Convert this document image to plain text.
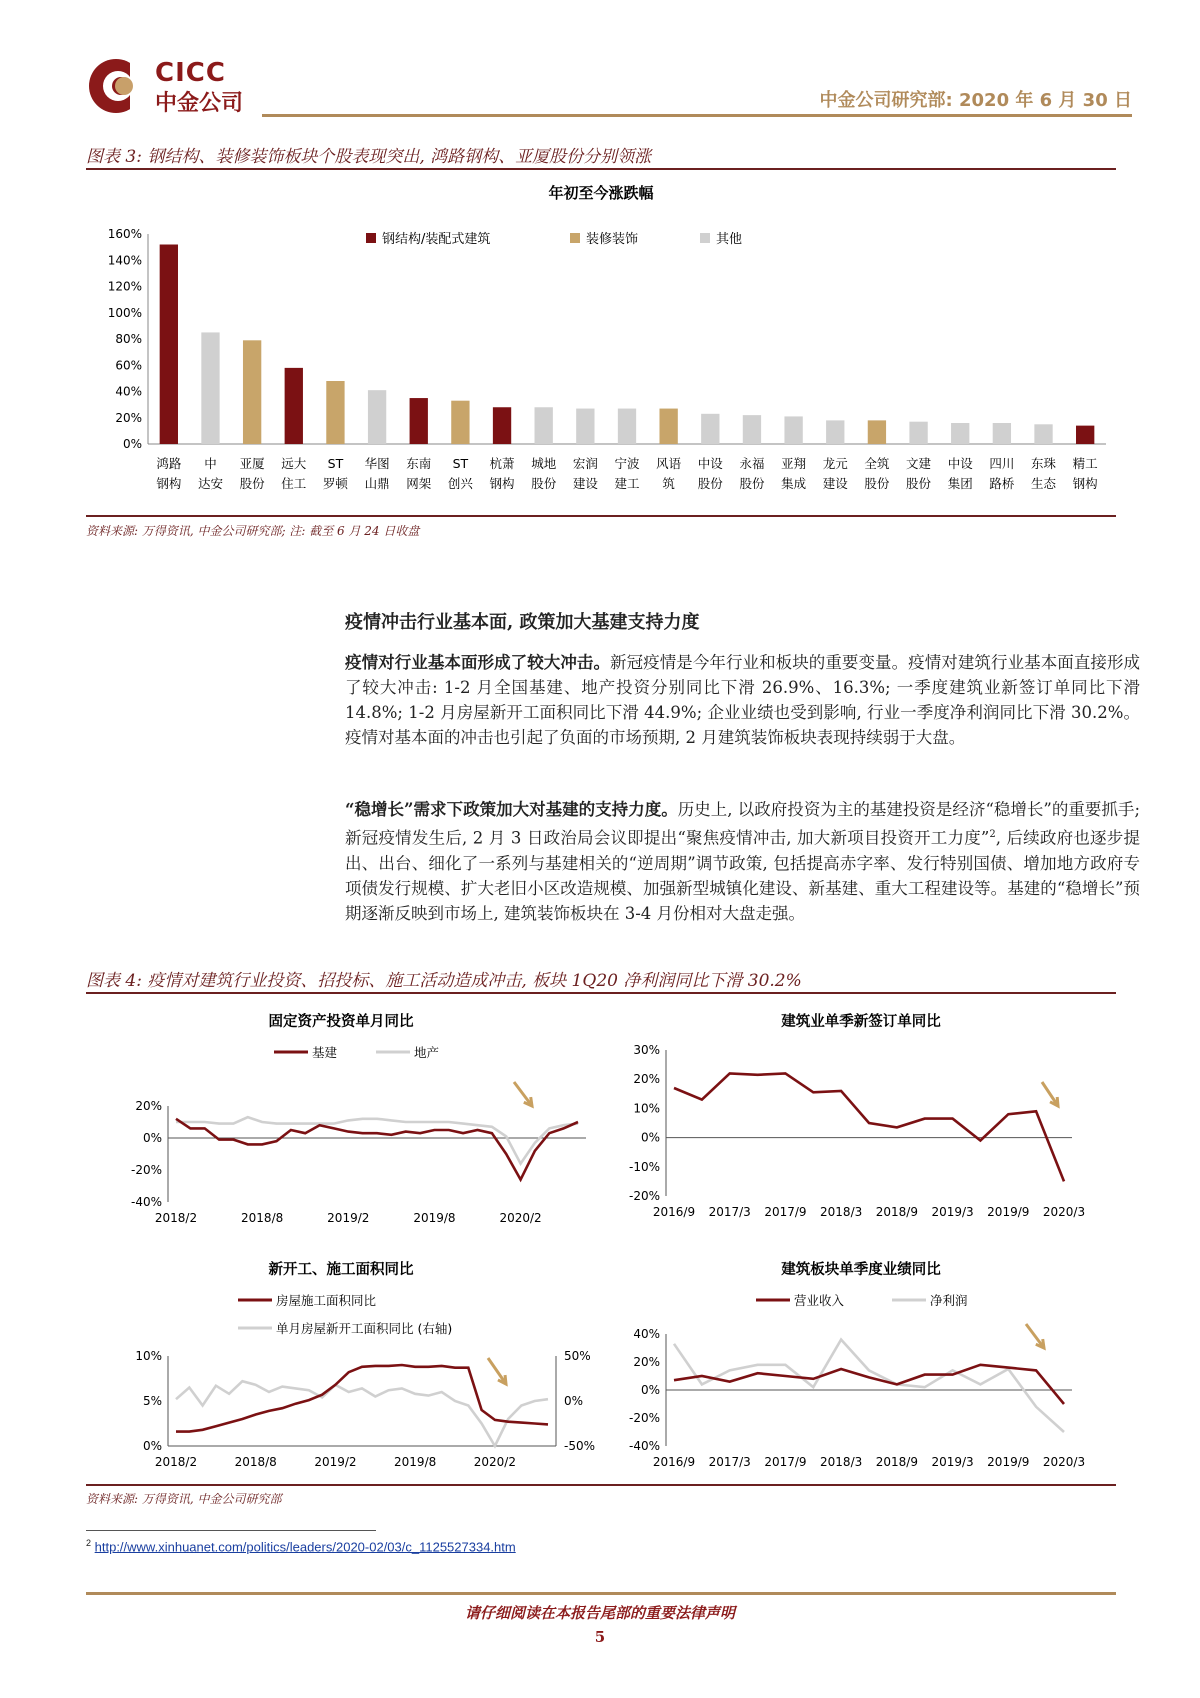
CICC
中金公司	中金公司研究部: 2020 年 6 月 30 日
图表 3: 钢结构、装修装饰板块个股表现突出, 鸿路钢构、亚厦股份分别领涨
年初至今涨跌幅
0%
20%
40%
60%
80%
100%
120%
140%
160%
鸿路
钢构
中
达安
亚厦
股份
远大
住工
ST
罗顿
华图
山鼎
东南
网架
ST
创兴
杭萧
钢构
城地
股份
宏润
建设
宁波
建工
风语
筑
中设
股份
永福
股份
亚翔
集成
龙元
建设
全筑
股份
文建
股份
中设
集团
四川
路桥
东珠
生态
精工
钢构
钢结构/装配式建筑	装修装饰	其他
资料来源: 万得资讯, 中金公司研究部; 注: 截至 6 月 24 日收盘
疫情冲击行业基本面, 政策加大基建支持力度
疫情对行业基本面形成了较大冲击。新冠疫情是今年行业和板块的重要变量。疫情对建筑行业基本面直接形成了较大冲击: 1-2 月全国基建、地产投资分别同比下滑 26.9%、16.3%; 一季度建筑业新签订单同比下滑 14.8%; 1-2 月房屋新开工面积同比下滑 44.9%; 企业业绩也受到影响, 行业一季度净利润同比下滑 30.2%。疫情对基本面的冲击也引起了负面的市场预期, 2 月建筑装饰板块表现持续弱于大盘。
“稳增长”需求下政策加大对基建的支持力度。历史上, 以政府投资为主的基建投资是经济“稳增长”的重要抓手; 新冠疫情发生后, 2 月 3 日政治局会议即提出“聚焦疫情冲击, 加大新项目投资开工力度”$^2$, 后续政府也逐步提出、出台、细化了一系列与基建相关的“逆周期”调节政策, 包括提高赤字率、发行特别国债、增加地方政府专项债发行规模、扩大老旧小区改造规模、加强新型城镇化建设、新基建、重大工程建设等。基建的“稳增长”预期逐渐反映到市场上, 建筑装饰板块在 3-4 月份相对大盘走强。
图表 4: 疫情对建筑行业投资、招投标、施工活动造成冲击, 板块 1Q20 净利润同比下滑 30.2%
固定资产投资单月同比
20%
0%
-20%
-40%
2018/2	2018/8	2019/2	2019/8	2020/2
基建	地产
建筑业单季新签订单同比
30%
20%
10%
0%
-10%
-20%
2016/9 2017/3 2017/9 2018/3 2018/9 2019/3 2019/9 2020/3
新开工、施工面积同比
10%
5%
0%
50%
0%
-50%
2018/2	2018/8	2019/2	2019/8	2020/2
房屋施工面积同比
单月房屋新开工面积同比 (右轴)
建筑板块单季度业绩同比
40%
20%
0%
-20%
-40%
2016/9 2017/3 2017/9 2018/3 2018/9 2019/3 2019/9 2020/3
营业收入	净利润
资料来源: 万得资讯, 中金公司研究部
$^2$ http://www.xinhuanet.com/politics/leaders/2020-02/03/c_1125527334.htm
请仔细阅读在本报告尾部的重要法律声明
5
